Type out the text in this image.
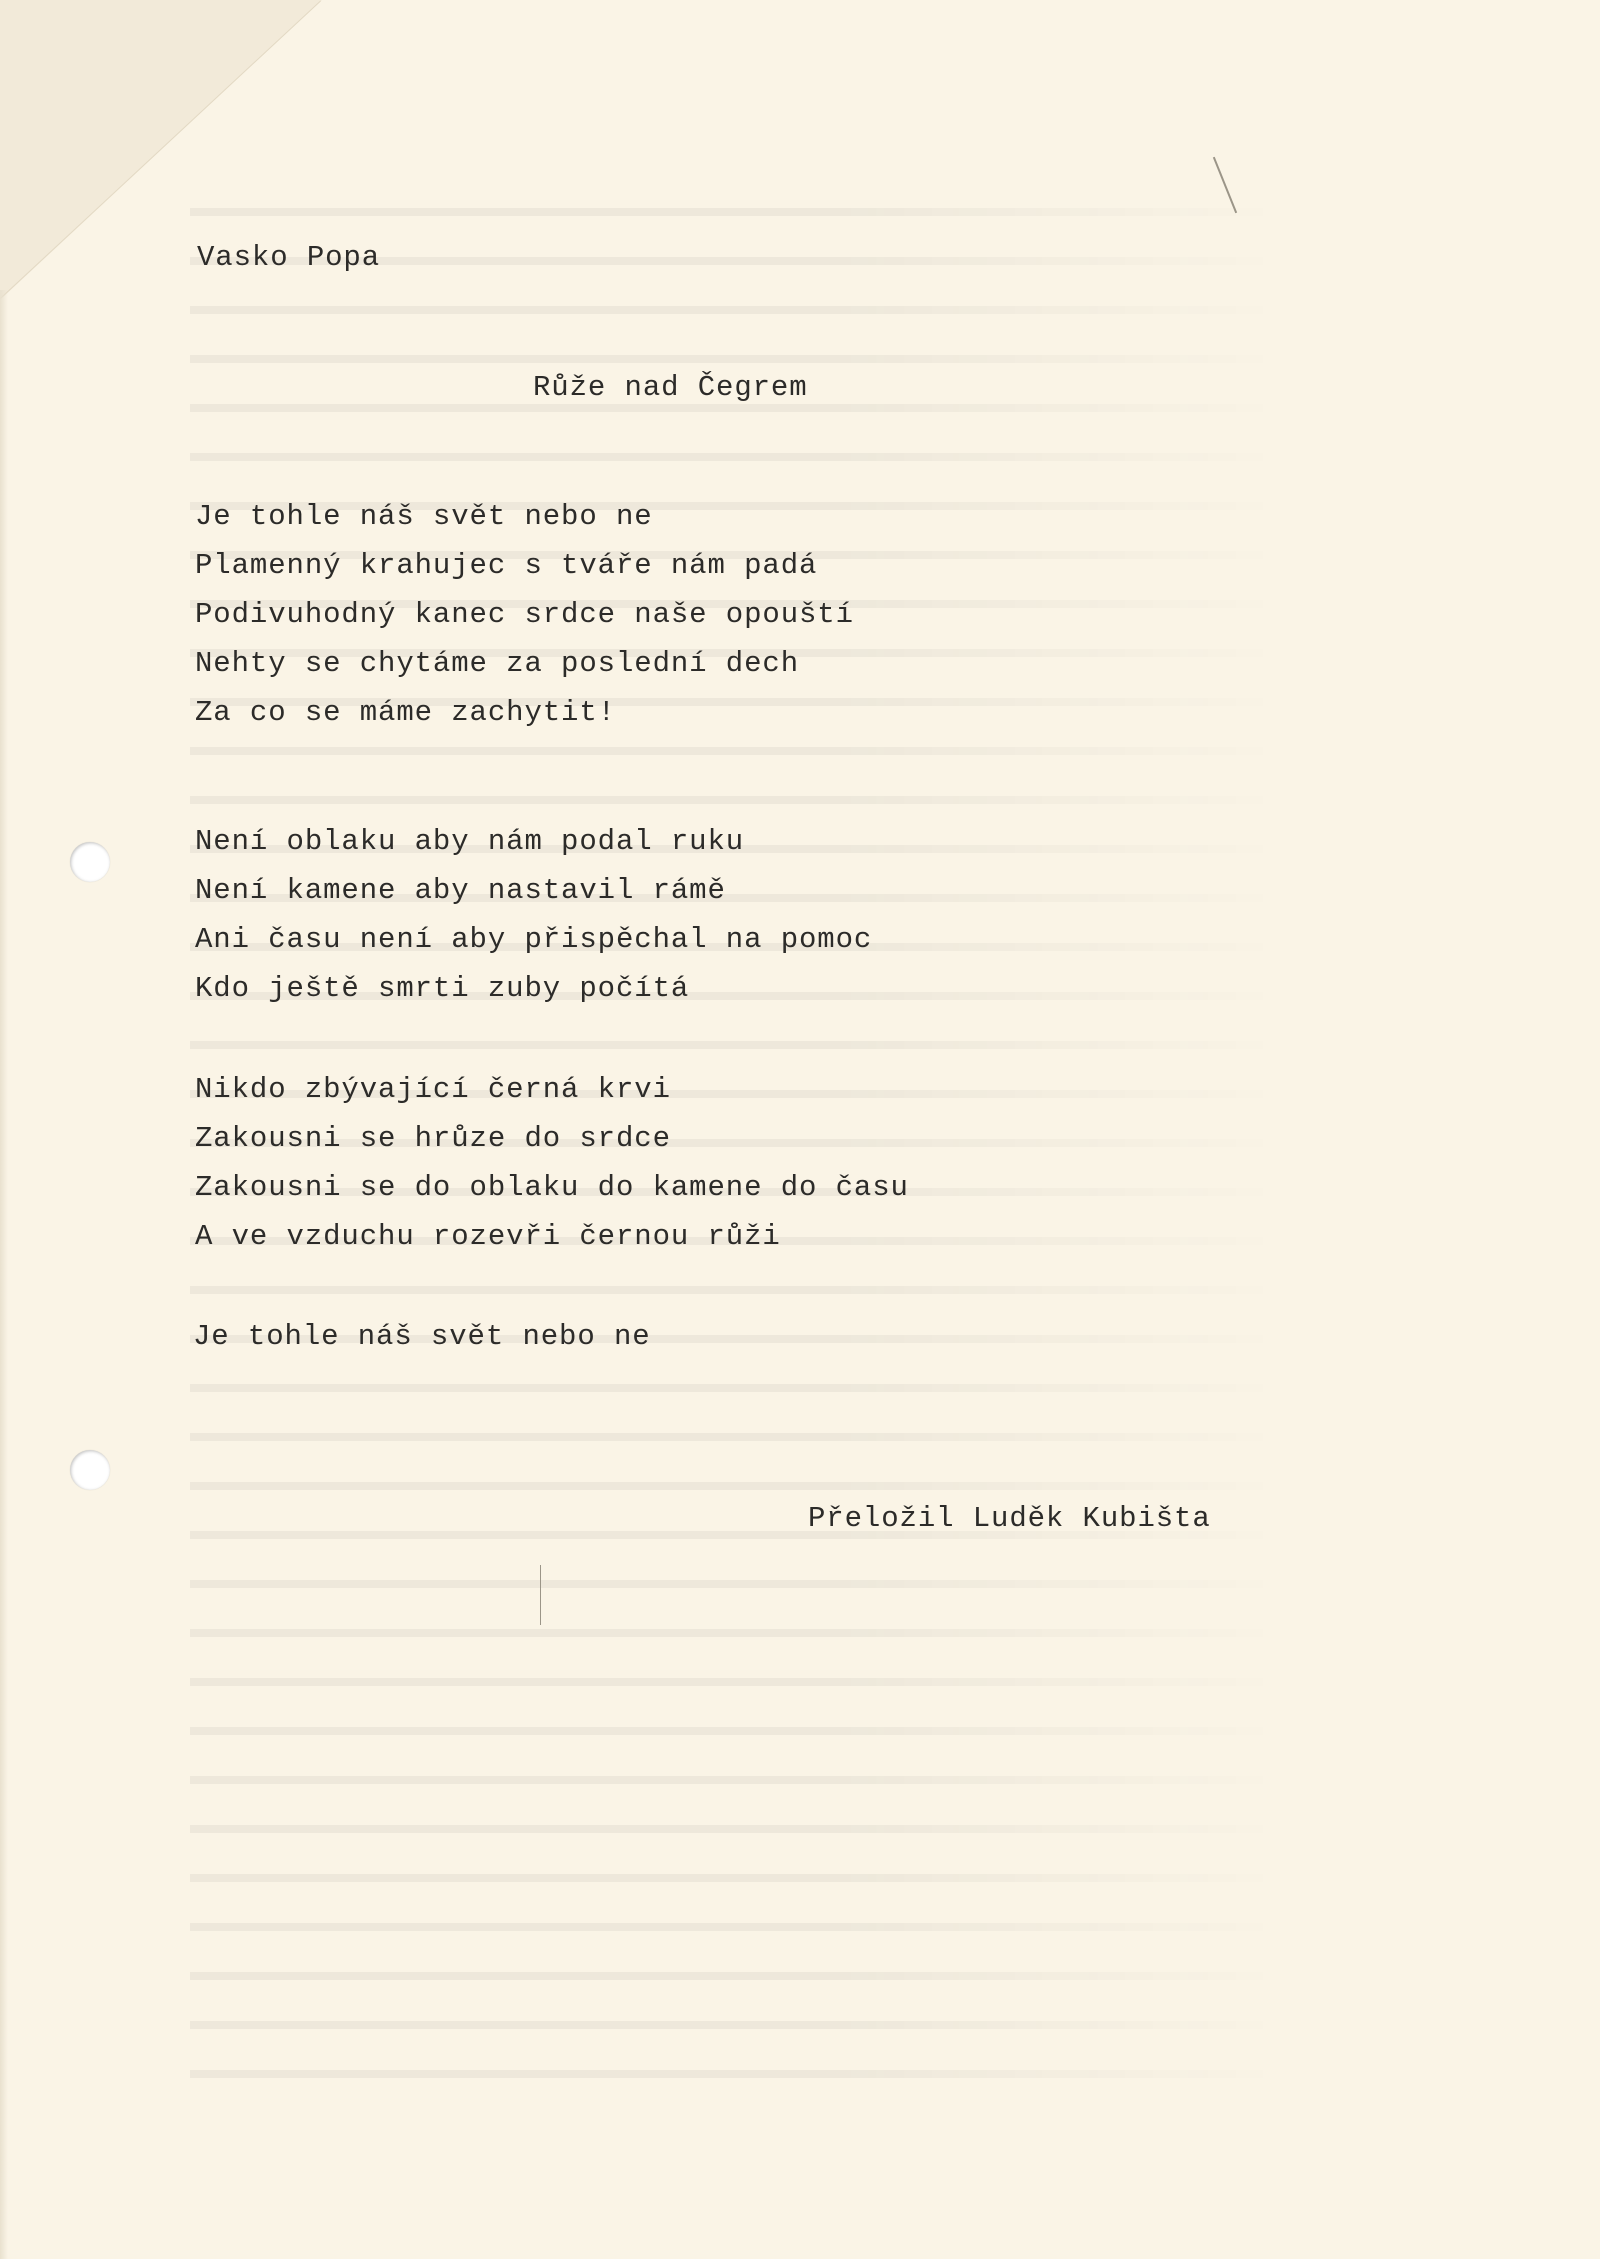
Vasko Popa
Růže nad Čegrem
Je tohle náš svět nebo ne
Plamenný krahujec s tváře nám padá
Podivuhodný kanec srdce naše opouští
Nehty se chytáme za poslední dech
Za co se máme zachytit!
Není oblaku aby nám podal ruku
Není kamene aby nastavil rámě
Ani času není aby přispěchal na pomoc
Kdo ještě smrti zuby počítá
Nikdo zbývající černá krvi
Zakousni se hrůze do srdce
Zakousni se do oblaku do kamene do času
A ve vzduchu rozevři černou růži
Je tohle náš svět nebo ne
Přeložil Luděk Kubišta
